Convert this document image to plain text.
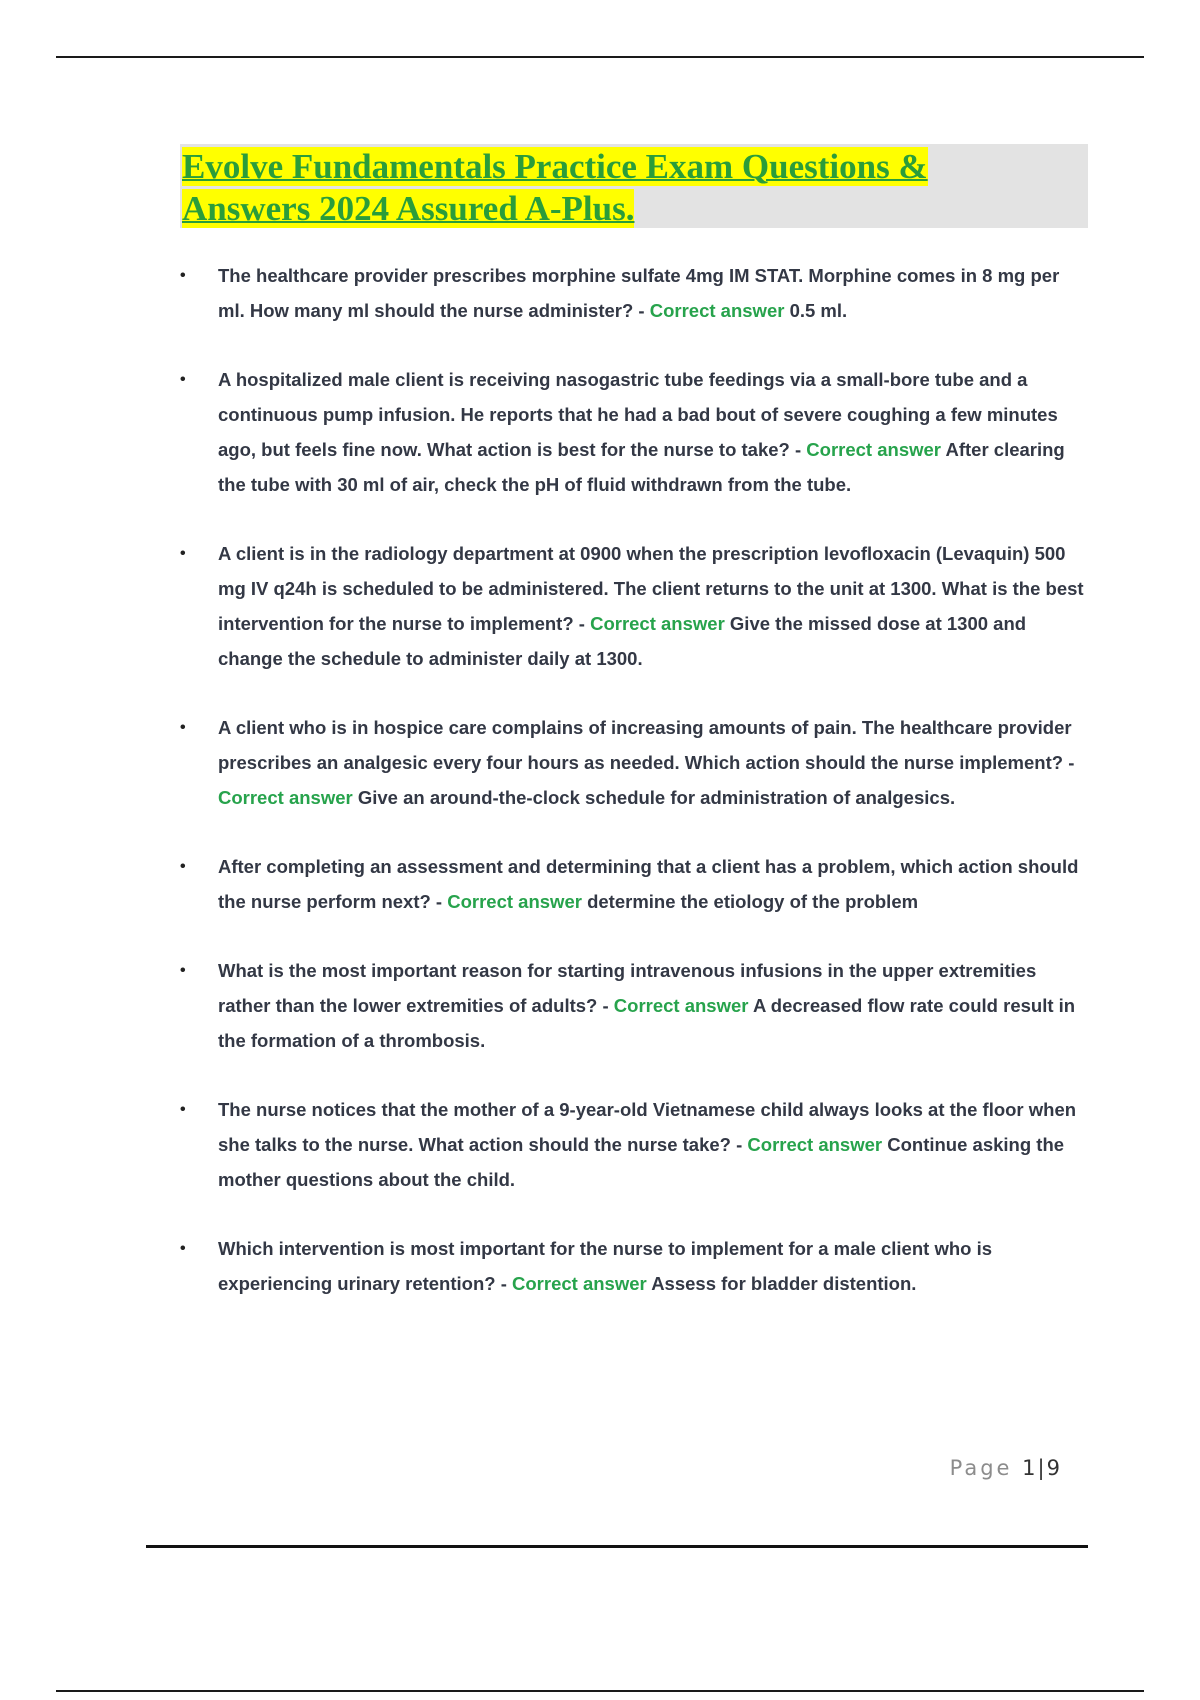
Evolve Fundamentals Practice Exam Questions & Answers 2024 Assured A-Plus.
• The healthcare provider prescribes morphine sulfate 4mg IM STAT. Morphine comes in 8 mg per ml. How many ml should the nurse administer? - Correct answer 0.5 ml.
• A hospitalized male client is receiving nasogastric tube feedings via a small-bore tube and a continuous pump infusion. He reports that he had a bad bout of severe coughing a few minutes ago, but feels fine now. What action is best for the nurse to take? - Correct answer After clearing the tube with 30 ml of air, check the pH of fluid withdrawn from the tube.
• A client is in the radiology department at 0900 when the prescription levofloxacin (Levaquin) 500 mg IV q24h is scheduled to be administered. The client returns to the unit at 1300. What is the best intervention for the nurse to implement? - Correct answer Give the missed dose at 1300 and change the schedule to administer daily at 1300.
• A client who is in hospice care complains of increasing amounts of pain. The healthcare provider prescribes an analgesic every four hours as needed. Which action should the nurse implement? - Correct answer Give an around-the-clock schedule for administration of analgesics.
• After completing an assessment and determining that a client has a problem, which action should the nurse perform next? - Correct answer determine the etiology of the problem
• What is the most important reason for starting intravenous infusions in the upper extremities rather than the lower extremities of adults? - Correct answer A decreased flow rate could result in the formation of a thrombosis.
• The nurse notices that the mother of a 9-year-old Vietnamese child always looks at the floor when she talks to the nurse. What action should the nurse take? - Correct answer Continue asking the mother questions about the child.
• Which intervention is most important for the nurse to implement for a male client who is experiencing urinary retention? - Correct answer Assess for bladder distention.
Page 1|9
